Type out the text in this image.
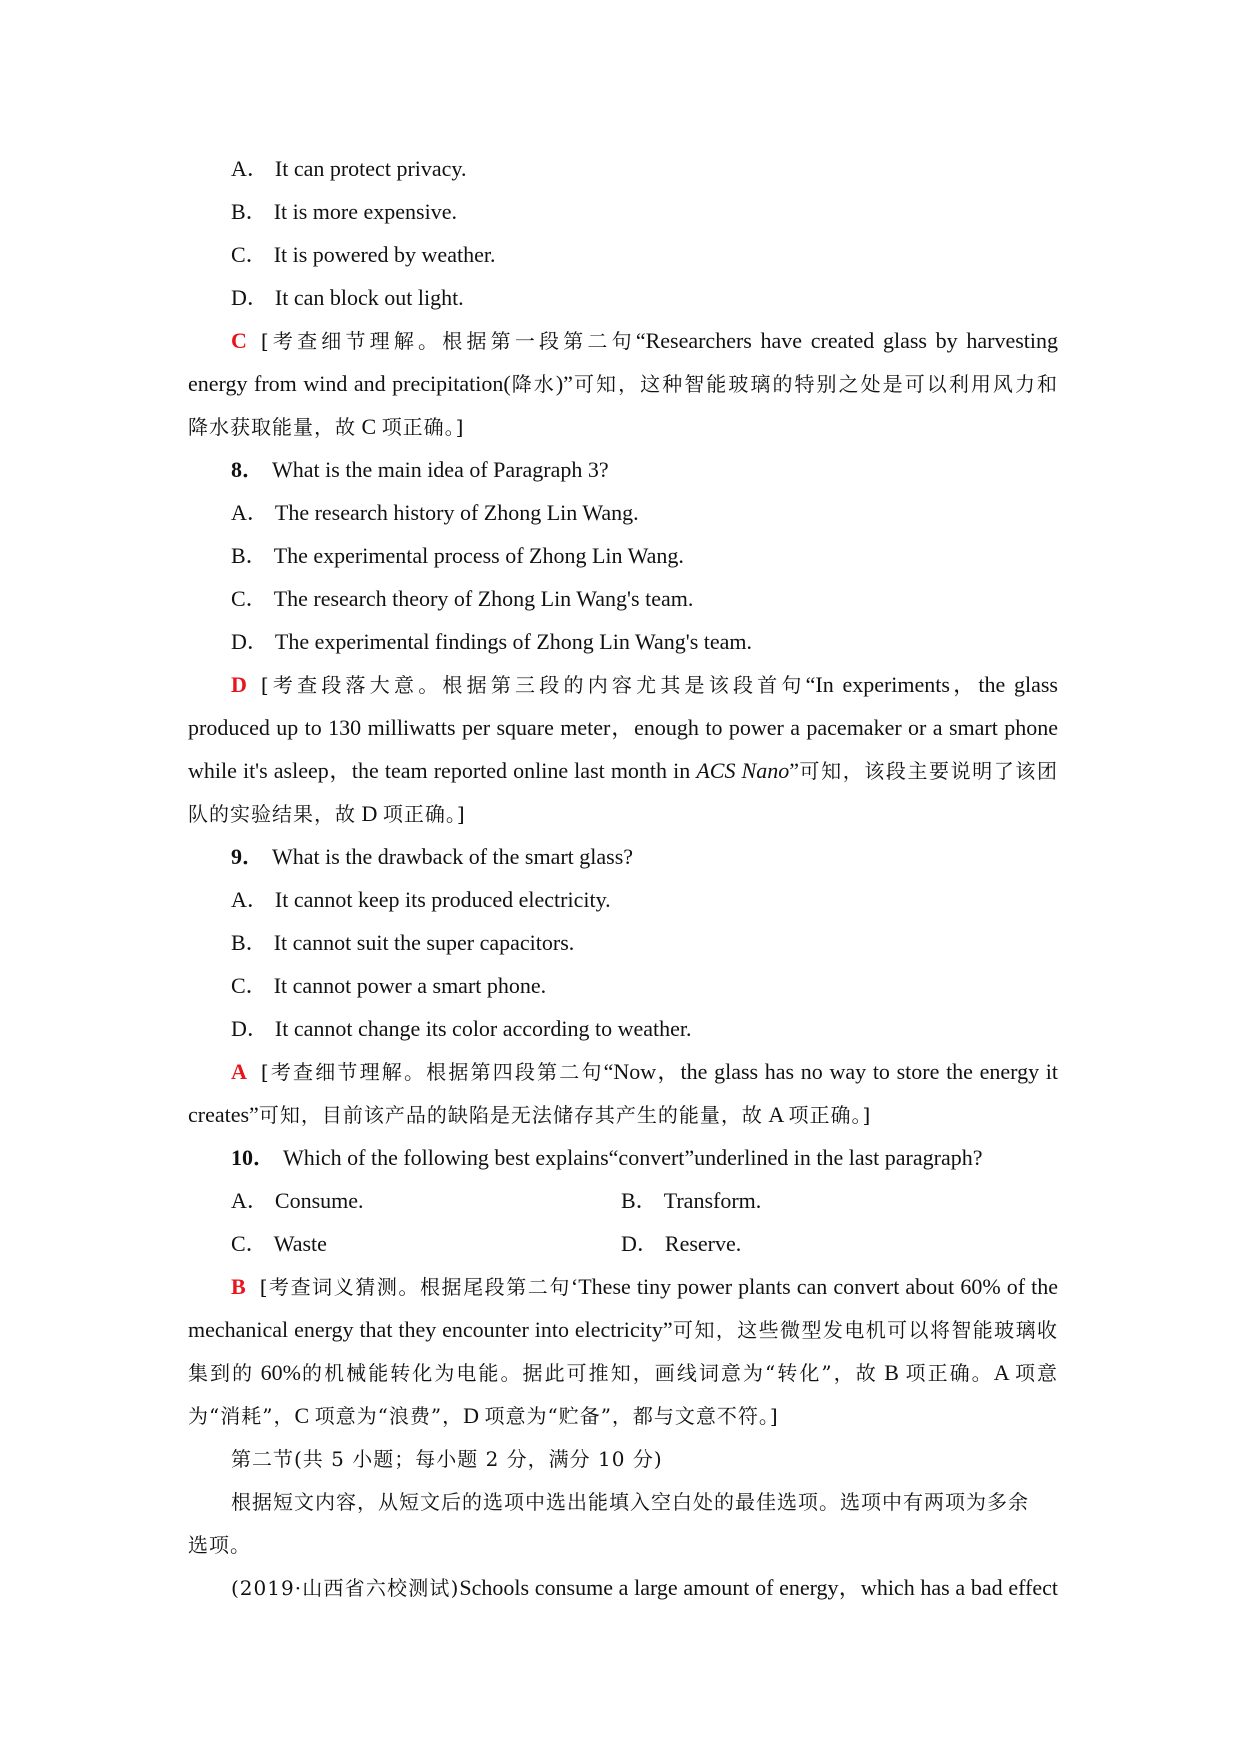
A． It can protect privacy.
B． It is more expensive.
C． It is powered by weather.
D． It can block out light.
C [考查细节理解。根据第一段第二句“Researchers have created glass by harvesting
energy from wind and precipitation(降水)”可知，这种智能玻璃的特别之处是可以利用风力和
降水获取能量，故 C 项正确。]
8． What is the main idea of Paragraph 3?
A． The research history of Zhong Lin Wang.
B． The experimental process of Zhong Lin Wang.
C． The research theory of Zhong Lin Wang's team.
D． The experimental findings of Zhong Lin Wang's team.
D [考查段落大意。根据第三段的内容尤其是该段首句“In experiments，the glass
produced up to 130 milliwatts per square meter，enough to power a pacemaker or a smart phone
while it's asleep，the team reported online last month in ACS Nano”可知，该段主要说明了该团
队的实验结果，故 D 项正确。]
9． What is the drawback of the smart glass?
A． It cannot keep its produced electricity.
B． It cannot suit the super capacitors.
C． It cannot power a smart phone.
D． It cannot change its color according to weather.
A [考查细节理解。根据第四段第二句“Now，the glass has no way to store the energy it
creates”可知，目前该产品的缺陷是无法储存其产生的能量，故 A 项正确。]
10． Which of the following best explains“convert”underlined in the last paragraph?
A． Consume.	B． Transform.
C． Waste	D． Reserve.
B [考查词义猜测。根据尾段第二句‘These tiny power plants can convert about 60% of the
mechanical energy that they encounter into electricity”可知，这些微型发电机可以将智能玻璃收
集到的 60%的机械能转化为电能。据此可推知，画线词意为“转化”，故 B 项正确。A 项意
为“消耗”，C 项意为“浪费”，D 项意为“贮备”，都与文意不符。]
第二节(共 5 小题；每小题 2 分，满分 10 分)
根据短文内容，从短文后的选项中选出能填入空白处的最佳选项。选项中有两项为多余
选项。
(2019·山西省六校测试)Schools consume a large amount of energy，which has a bad effect
